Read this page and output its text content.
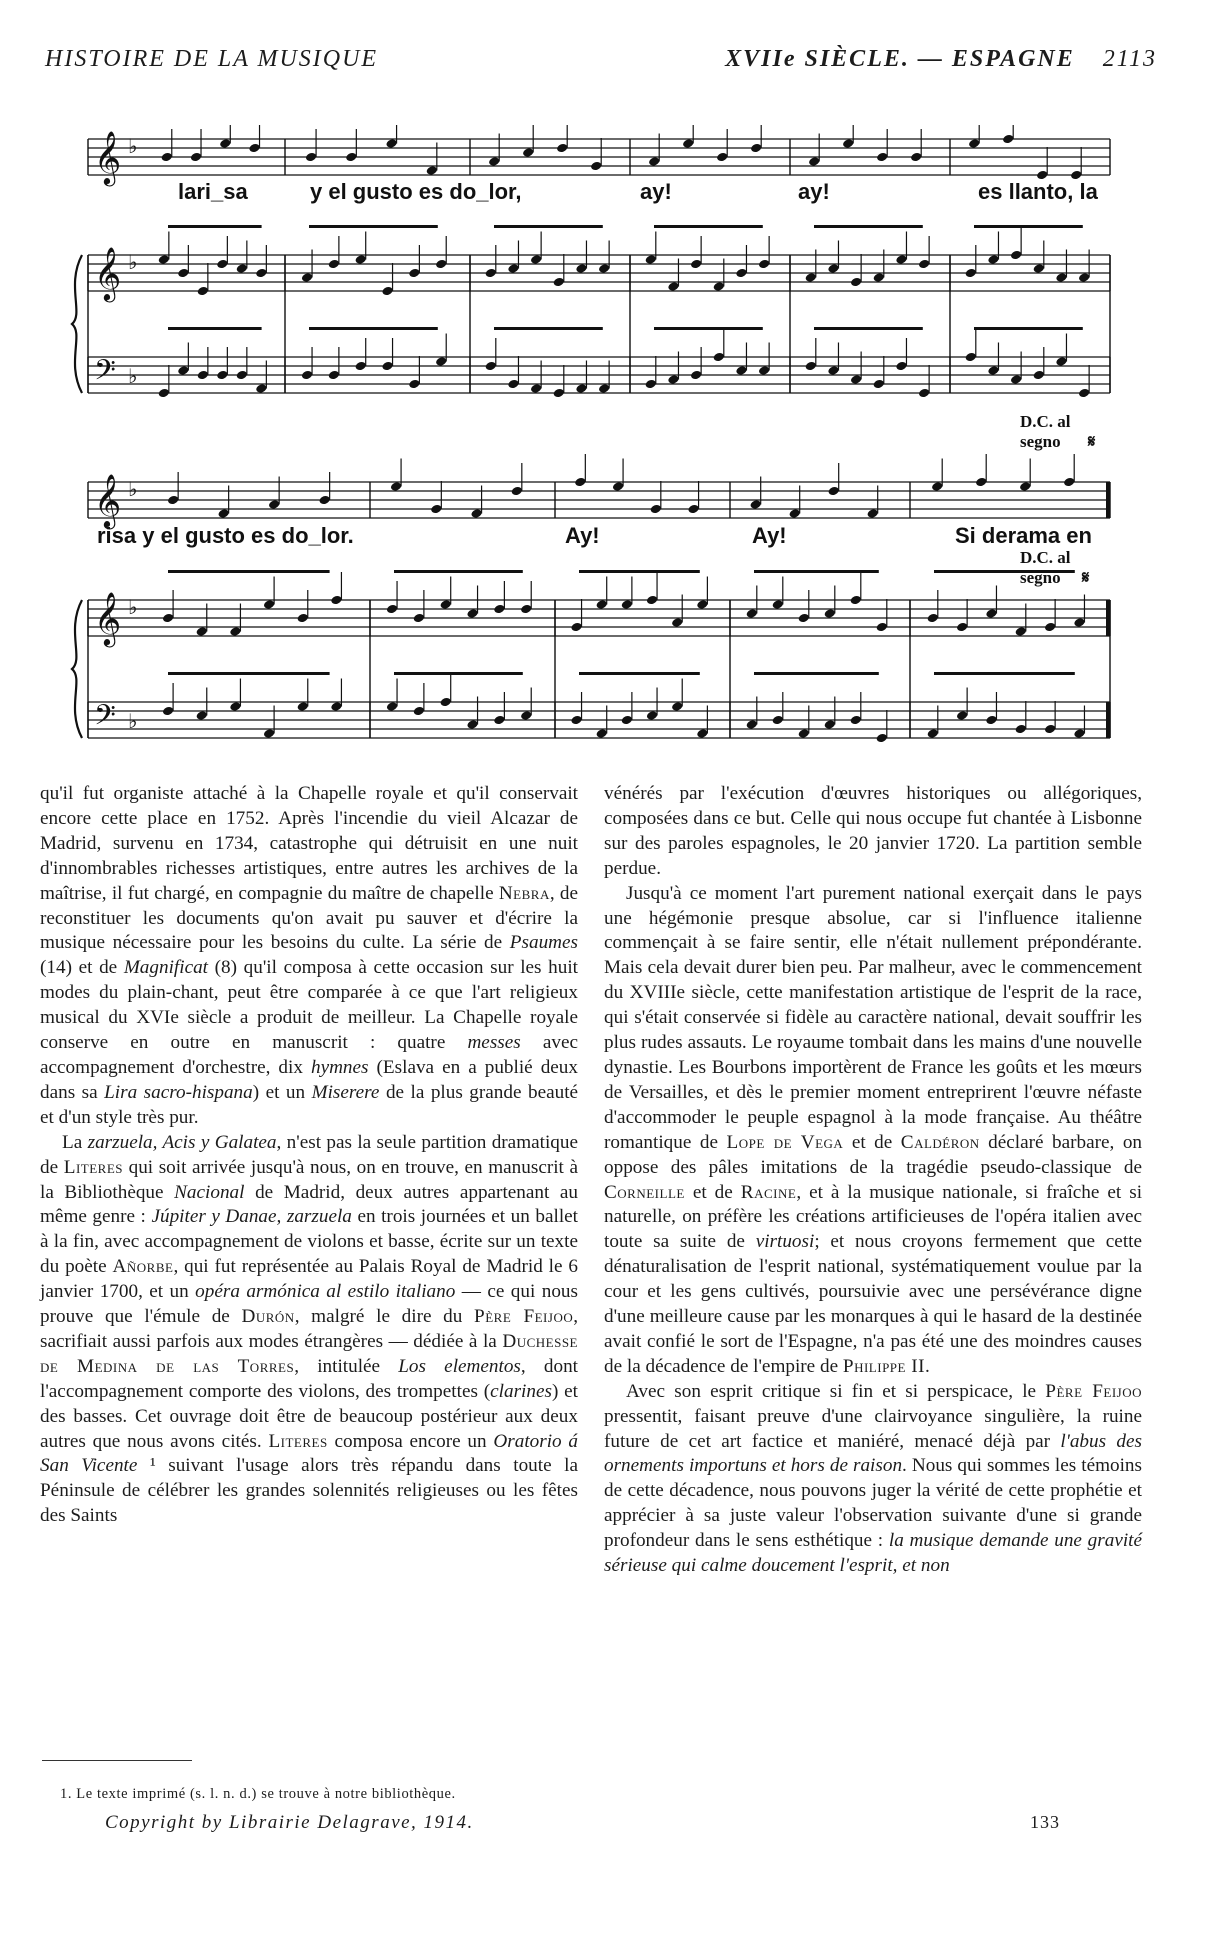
HISTOIRE DE LA MUSIQUE	XVIIe SIÈCLE. — ESPAGNE 2113
𝄞 ♭
𝄞 ♭
𝄢 ♭
𝄞 ♭
𝄞 ♭
𝄢 ♭
lari_sa	y el gusto es do_lor,	ay!	ay!	es llanto, la
D.C. al
segno 𝄋
risa y el gusto es do_lor.	Ay!	Ay!	Si derama en
D.C. al
segno 𝄋

qu'il fut organiste attaché à la Chapelle royale et qu'il conservait encore cette place en 1752. Après l'incendie du vieil Alcazar de Madrid, survenu en 1734, catastrophe qui détruisit en une nuit d'innombrables richesses artistiques, entre autres les archives de la maîtrise, il fut chargé, en compagnie du maître de chapelle Nebra, de reconstituer les documents qu'on avait pu sauver et d'écrire la musique nécessaire pour les besoins du culte. La série de Psaumes (14) et de Magnificat (8) qu'il composa à cette occasion sur les huit modes du plain-chant, peut être comparée à ce que l'art religieux musical du XVIe siècle a produit de meilleur. La Chapelle royale conserve en outre en manuscrit : quatre messes avec accompagnement d'orchestre, dix hymnes (Eslava en a publié deux dans sa Lira sacro-hispana) et un Miserere de la plus grande beauté et d'un style très pur.

La zarzuela, Acis y Galatea, n'est pas la seule partition dramatique de Literes qui soit arrivée jusqu'à nous, on en trouve, en manuscrit à la Bibliothèque Nacional de Madrid, deux autres appartenant au même genre : Júpiter y Danae, zarzuela en trois journées et un ballet à la fin, avec accompagnement de violons et basse, écrite sur un texte du poète Añorbe, qui fut représentée au Palais Royal de Madrid le 6 janvier 1700, et un opéra armónica al estilo italiano — ce qui nous prouve que l'émule de Durón, malgré le dire du Père Feijoo, sacrifiait aussi parfois aux modes étrangères — dédiée à la Duchesse de Medina de las Torres, intitulée Los elementos, dont l'accompagnement comporte des violons, des trompettes (clarines) et des basses. Cet ouvrage doit être de beaucoup postérieur aux deux autres que nous avons cités. Literes composa encore un Oratorio á San Vicente ¹ suivant l'usage alors très répandu dans toute la Péninsule de célébrer les grandes solennités religieuses ou les fêtes des Saints

vénérés par l'exécution d'œuvres historiques ou allégoriques, composées dans ce but. Celle qui nous occupe fut chantée à Lisbonne sur des paroles espagnoles, le 20 janvier 1720. La partition semble perdue.

Jusqu'à ce moment l'art purement national exerçait dans le pays une hégémonie presque absolue, car si l'influence italienne commençait à se faire sentir, elle n'était nullement prépondérante. Mais cela devait durer bien peu. Par malheur, avec le commencement du XVIIIe siècle, cette manifestation artistique de l'esprit de la race, qui s'était conservée si fidèle au caractère national, devait souffrir les plus rudes assauts. Le royaume tombait dans les mains d'une nouvelle dynastie. Les Bourbons importèrent de France les goûts et les mœurs de Versailles, et dès le premier moment entreprirent l'œuvre néfaste d'accommoder le peuple espagnol à la mode française. Au théâtre romantique de Lope de Vega et de Caldéron déclaré barbare, on oppose des pâles imitations de la tragédie pseudo-classique de Corneille et de Racine, et à la musique nationale, si fraîche et si naturelle, on préfère les créations artificieuses de l'opéra italien avec toute sa suite de virtuosi; et nous croyons fermement que cette dénaturalisation de l'esprit national, systématiquement voulue par la cour et les gens cultivés, poursuivie avec une persévérance digne d'une meilleure cause par les monarques à qui le hasard de la destinée avait confié le sort de l'Espagne, n'a pas été une des moindres causes de la décadence de l'empire de Philippe II.

Avec son esprit critique si fin et si perspicace, le Père Feijoo pressentit, faisant preuve d'une clairvoyance singulière, la ruine future de cet art factice et maniéré, menacé déjà par l'abus des ornements importuns et hors de raison. Nous qui sommes les témoins de cette décadence, nous pouvons juger la vérité de cette prophétie et apprécier à sa juste valeur l'observation suivante d'une si grande profondeur dans le sens esthétique : la musique demande une gravité sérieuse qui calme doucement l'esprit, et non

1. Le texte imprimé (s. l. n. d.) se trouve à notre bibliothèque.
Copyright by Librairie Delagrave, 1914.	133
